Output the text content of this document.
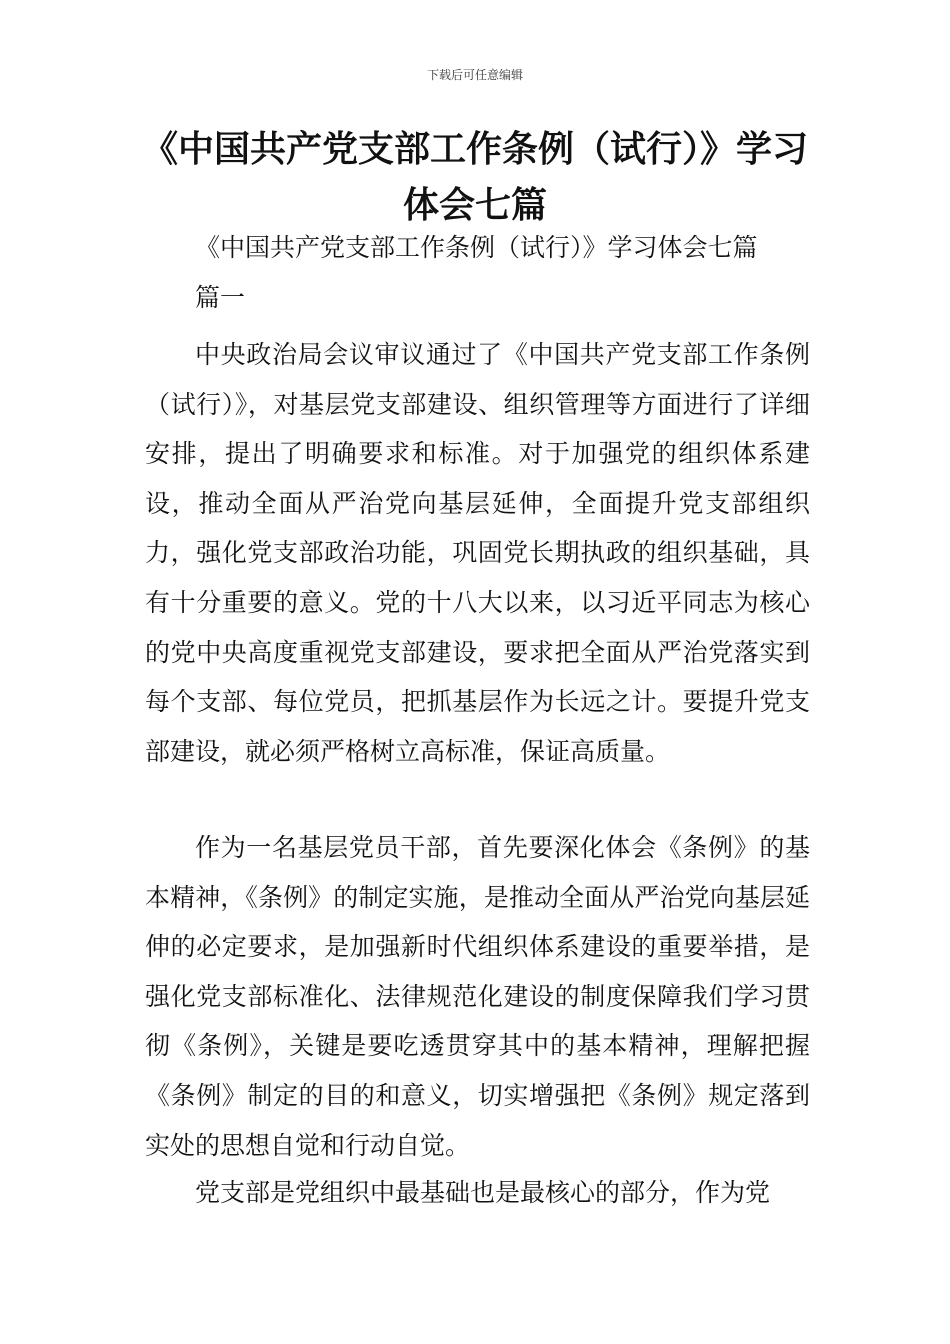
下载后可任意编辑
《中国共产党支部工作条例（试行）》学习体会七篇
《中国共产党支部工作条例（试行）》学习体会七篇
篇一

中央政治局会议审议通过了《中国共产党支部工作条例（试行）》，对基层党支部建设、组织管理等方面进行了详细安排，提出了明确要求和标准。对于加强党的组织体系建设，推动全面从严治党向基层延伸，全面提升党支部组织力，强化党支部政治功能，巩固党长期执政的组织基础，具有十分重要的意义。党的十八大以来，以习近平同志为核心的党中央高度重视党支部建设，要求把全面从严治党落实到每个支部、每位党员，把抓基层作为长远之计。要提升党支部建设，就必须严格树立高标准，保证高质量。

作为一名基层党员干部，首先要深化体会《条例》的基本精神，《条例》的制定实施，是推动全面从严治党向基层延伸的必定要求，是加强新时代组织体系建设的重要举措，是强化党支部标准化、法律规范化建设的制度保障我们学习贯彻《条例》，关键是要吃透贯穿其中的基本精神，理解把握《条例》制定的目的和意义，切实增强把《条例》规定落到实处的思想自觉和行动自觉。

党支部是党组织中最基础也是最核心的部分，作为党
